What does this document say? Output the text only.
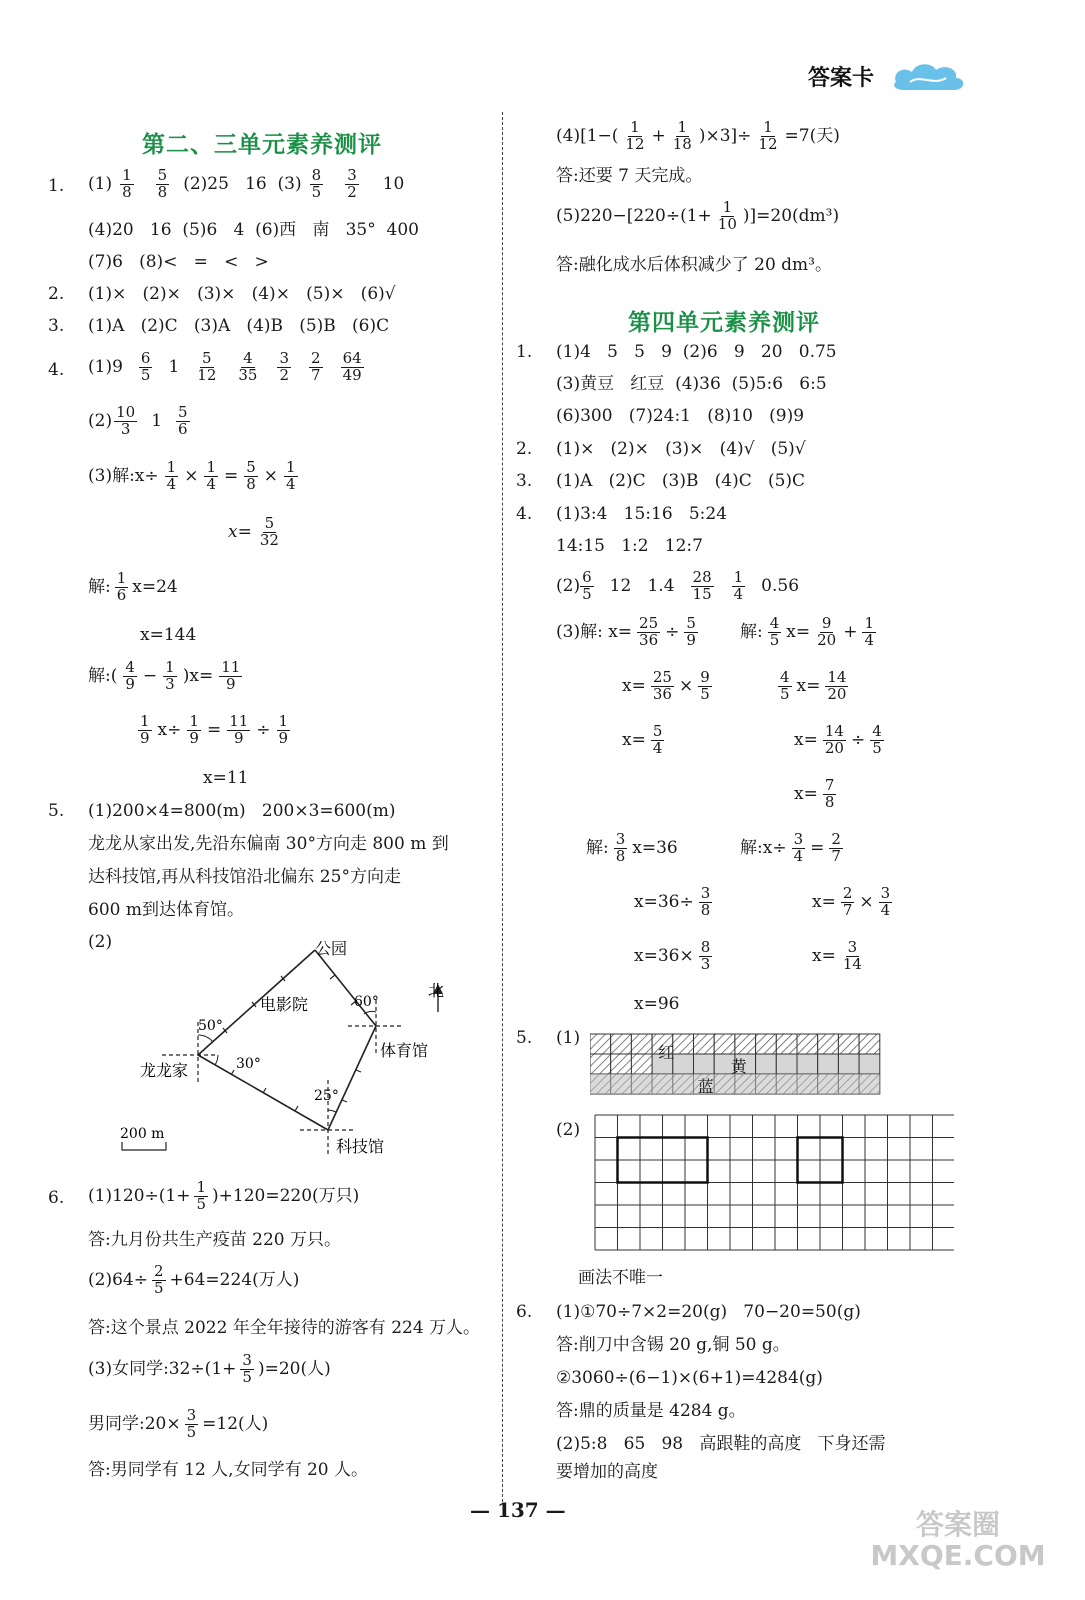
答案卡
第二、三单元素养测评
1. $(1) \frac{1}{8} \frac{5}{8} (2)25$   16  $(3) \frac{8}{5} \frac{3}{2} 10$
(4)20   16  (5)6   4  (6)西   南   35°  400
(7)6   (8)<   =   <   >
2. (1)×   (2)×   (3)×   (4)×   (5)×   (6)√
3. (1)A   (2)C   (3)A   (4)B   (5)B   (6)C
4. $(1)9 \frac{6}{5} 1 \frac{5}{12} \frac{4}{35} \frac{3}{2} \frac{2}{7} \frac{64}{49}$
$(2) \frac{10}{3} 1 \frac{5}{6}$
(3)解:x÷ $\frac{1}{4} \times \frac{1}{4} = \frac{5}{8} \times \frac{1}{4}$
$x= \frac{5}{32}$
解: $\frac{1}{6} x=24$
x=144
解:( $\frac{4}{9} - \frac{1}{3} )x= \frac{11}{9}$
$\frac{1}{9} x\div \frac{1}{9} = \frac{11}{9} \div \frac{1}{9}$
x=11
5. (1)200×4=800(m)   200×3=600(m)
龙龙从家出发,先沿东偏南 30°方向走 800 m 到
达科技馆,再从科技馆沿北偏东 25°方向走
600 m到达体育馆。
(2)	公园
电影院
体育馆
龙龙家
科技馆
北
50°
30°
60°
25°
200 m
6. $(1)120\div(1+ \frac{1}{5} )+120=220$(万只)
答:九月份共生产疫苗 220 万只。
$(2)64\div \frac{2}{5} +64=224$(万人)
答:这个景点 2022 年全年接待的游客有 224 万人。
(3)女同学:32÷(1+ $\frac{3}{5} )=20$(人)
男同学:20× $\frac{3}{5} =12$(人)
答:男同学有 12 人,女同学有 20 人。
$(4)[1-( \frac{1}{12} + \frac{1}{18} )\times 3]\div \frac{1}{12} =7$(天)
答:还要 7 天完成。
$(5)220-[220\div(1+ \frac{1}{10} )]=20(dm^3)$
答:融化成水后体积减少了 20 dm³。
第四单元素养测评
1. (1)4   5   5   9  (2)6   9   20   0.75
(3)黄豆   红豆  (4)36  (5)5:6   6:5
(6)300   (7)24:1   (8)10   (9)9
2. (1)×   (2)×   (3)×   (4)√   (5)√
3. (1)A   (2)C   (3)B   (4)C   (5)C
4. (1)3:4   15:16   5:24
14:15   1:2   12:7
$(2) \frac{6}{5} 12$   $1.4 \frac{28}{15} \frac{1}{4} 0.56$
(3)解: $x= \frac{25}{36} \div \frac{5}{9}$
$x= \frac{25}{36} \times \frac{9}{5}$
$x= \frac{5}{4}$
解: $\frac{4}{5} x= \frac{9}{20} + \frac{1}{4}$
$\frac{4}{5} x= \frac{14}{20}$
$x= \frac{14}{20} \div \frac{4}{5}$
$x= \frac{7}{8}$
解: $\frac{3}{8} x=36$
$x=36\div \frac{3}{8}$
$x=36\times \frac{8}{3}$
x=96
解:x÷ $\frac{3}{4} = \frac{2}{7}$
$x= \frac{2}{7} \times \frac{3}{4}$
$x= \frac{3}{14}$
5. (1)
红
黄
蓝
(2)
画法不唯一
6. (1)①70÷7×2=20(g)   70−20=50(g)
答:削刀中含锡 20 g,铜 50 g。
②3060÷(6−1)×(6+1)=4284(g)
答:鼎的质量是 4284 g。
(2)5:8   65   98   高跟鞋的高度   下身还需
要增加的高度
— 137 —	答案圈 MXQE.COM
